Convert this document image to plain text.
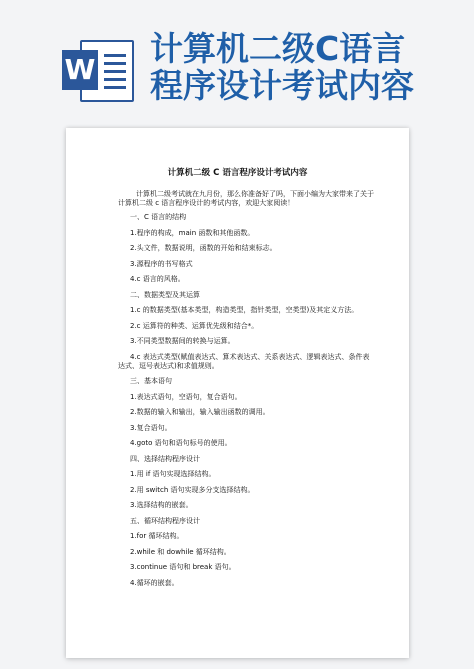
W
计算机二级C语言
程序设计考试内容
计算机二级 C 语言程序设计考试内容

计算机二级考试就在九月份，那么你准备好了吗，下面小编为大家带来了关于计算机二级 c 语言程序设计的考试内容，欢迎大家阅读！

一、C 语言的结构

1.程序的构成，main 函数和其他函数。

2.头文件，数据说明，函数的开始和结束标志。

3.源程序的书写格式

4.c 语言的风格。

二、数据类型及其运算

1.c 的数据类型(基本类型，构造类型，指针类型，空类型)及其定义方法。

2.c 运算符的种类、运算优先级和结合*。

3.不同类型数据间的转换与运算。

4.c 表达式类型(赋值表达式、算术表达式、关系表达式、逻辑表达式、条件表达式、逗号表达式)和求值规则。

三、基本语句

1.表达式语句，空语句，复合语句。

2.数据的输入和输出，输入输出函数的调用。

3.复合语句。

4.goto 语句和语句标号的使用。

四、选择结构程序设计

1.用 if 语句实现选择结构。

2.用 switch 语句实现多分支选择结构。

3.选择结构的嵌套。

五、循环结构程序设计

1.for 循环结构。

2.while 和 dowhile 循环结构。

3.continue 语句和 break 语句。

4.循环的嵌套。
